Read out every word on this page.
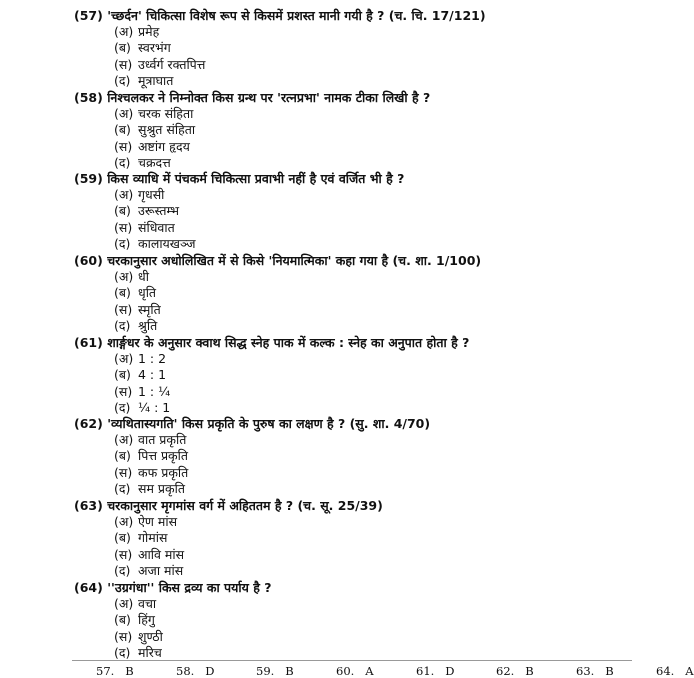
(57) 'च्छर्दन' चिकित्सा विशेष रूप से किसमें प्रशस्त मानी गयी है ? (च. चि. 17/121)
(अ) प्रमेह
(ब) स्वरभंग
(स) उर्ध्वर्ग रक्तपित्त
(द) मूत्राघात
(58) निश्चलकर ने निम्नोक्त किस ग्रन्थ पर 'रत्नप्रभा' नामक टीका लिखी है ?
(अ) चरक संहिता
(ब) सुश्रुत संहिता
(स) अष्टांग हृदय
(द) चक्रदत्त
(59) किस व्याधि में पंचकर्म चिकित्सा प्रवाभी नहीं है एवं वर्जित भी है ?
(अ) गृधसी
(ब) उरूस्तम्भ
(स) संधिवात
(द) कालायखञ्ज
(60) चरकानुसार अधोलिखित में से किसे 'नियमात्मिका' कहा गया है (च. शा. 1/100)
(अ) धी
(ब) धृति
(स) स्मृति
(द) श्रुति
(61) शार्ङ्गधर के अनुसार क्वाथ सिद्ध स्नेह पाक में कल्क : स्नेह का अनुपात होता है ?
(अ) 1 : 2
(ब) 4 : 1
(स) 1 : ¼
(द) ¼ : 1
(62) 'व्यथितास्यगति' किस प्रकृति के पुरुष का लक्षण है ? (सु. शा. 4/70)
(अ) वात प्रकृति
(ब) पित्त प्रकृति
(स) कफ प्रकृति
(द) सम प्रकृति
(63) चरकानुसार मृगमांस वर्ग में अहिततम है ? (च. सू. 25/39)
(अ) ऐण मांस
(ब) गोमांस
(स) आवि मांस
(द) अजा मांस
(64) ''उग्रगंधा'' किस द्रव्य का पर्याय है ?
(अ) वचा
(ब) हिंगु
(स) शुण्ठी
(द) मरिच
57. B	58. D	59. B	60. A	61. D	62. B	63. B	64. A
